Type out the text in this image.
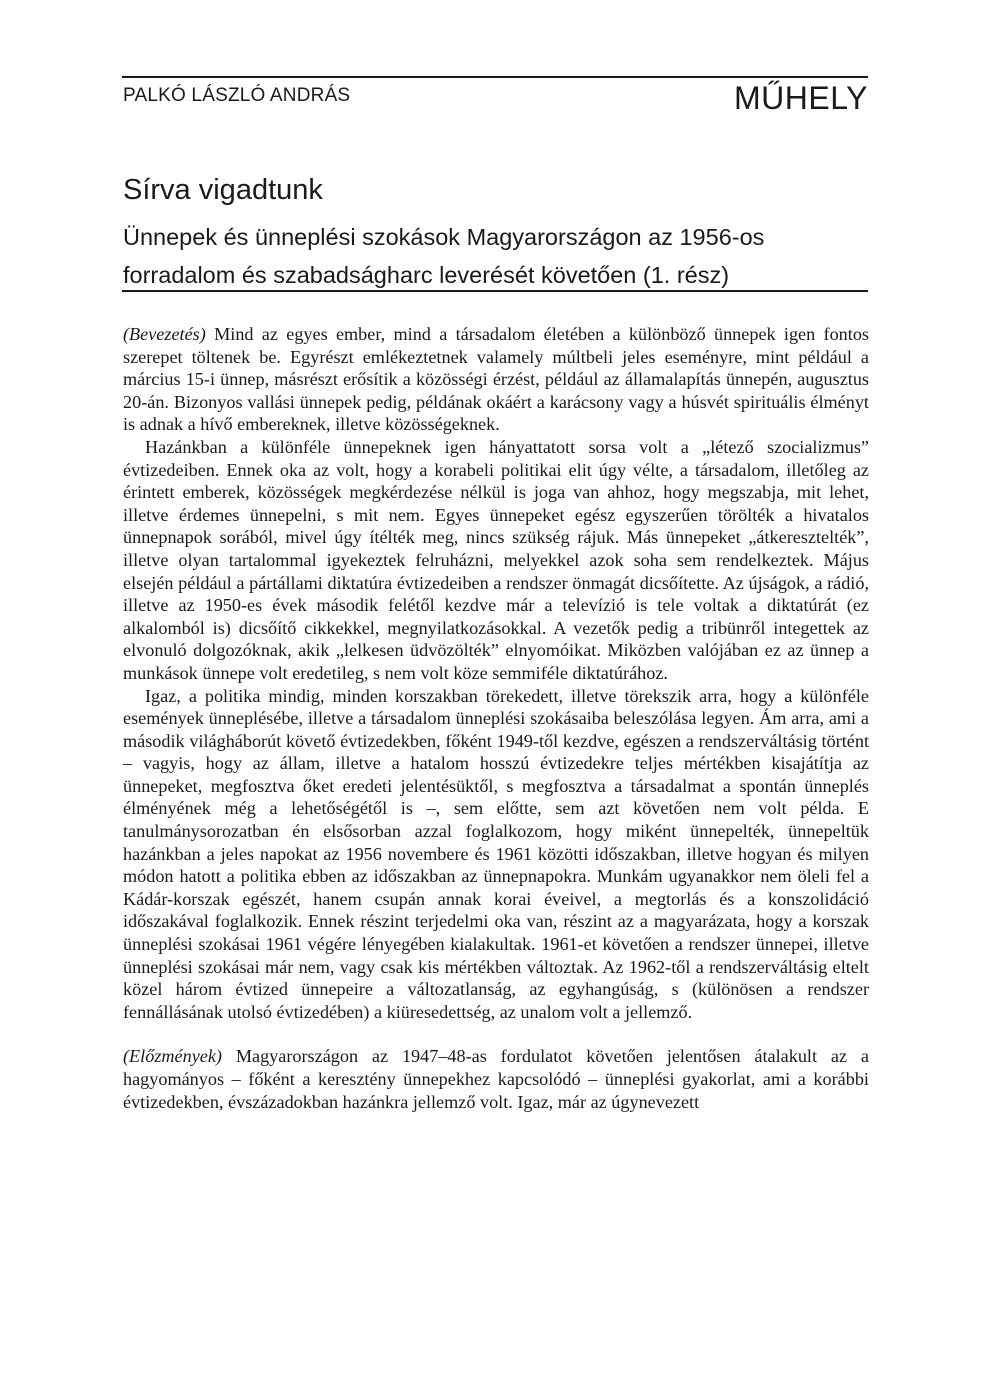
PALKÓ LÁSZLÓ ANDRÁS	MŰHELY
Sírva vigadtunk
Ünnepek és ünneplési szokások Magyarországon az 1956-os forradalom és szabadságharc leverését követően (1. rész)

(Bevezetés) Mind az egyes ember, mind a társadalom életében a különböző ünnepek igen fontos szerepet töltenek be. Egyrészt emlékeztetnek valamely múltbeli jeles eseményre, mint például a március 15-i ünnep, másrészt erősítik a közösségi érzést, például az államalapítás ünnepén, augusztus 20-án. Bizonyos vallási ünnepek pedig, példának okáért a karácsony vagy a húsvét spirituális élményt is adnak a hívő embereknek, illetve közösségeknek.

Hazánkban a különféle ünnepeknek igen hányattatott sorsa volt a „létező szocializmus” évtizedeiben. Ennek oka az volt, hogy a korabeli politikai elit úgy vélte, a társadalom, illetőleg az érintett emberek, közösségek megkérdezése nélkül is joga van ahhoz, hogy megszabja, mit lehet, illetve érdemes ünnepelni, s mit nem. Egyes ünnepeket egész egyszerűen törölték a hivatalos ünnepnapok sorából, mivel úgy ítélték meg, nincs szükség rájuk. Más ünnepeket „átkeresztelték”, illetve olyan tartalommal igyekeztek felruházni, melyekkel azok soha sem rendelkeztek. Május elsején például a pártállami diktatúra évtizedeiben a rendszer önmagát dicsőítette. Az újságok, a rádió, illetve az 1950-es évek második felétől kezdve már a televízió is tele voltak a diktatúrát (ez alkalomból is) dicsőítő cikkekkel, megnyilatkozásokkal. A vezetők pedig a tribünről integettek az elvonuló dolgozóknak, akik „lelkesen üdvözölték” elnyomóikat. Miközben valójában ez az ünnep a munkások ünnepe volt eredetileg, s nem volt köze semmiféle diktatúrához.

Igaz, a politika mindig, minden korszakban törekedett, illetve törekszik arra, hogy a különféle események ünneplésébe, illetve a társadalom ünneplési szokásaiba beleszólása legyen. Ám arra, ami a második világháborút követő évtizedekben, főként 1949-től kezdve, egészen a rendszerváltásig történt – vagyis, hogy az állam, illetve a hatalom hosszú évtizedekre teljes mértékben kisajátítja az ünnepeket, megfosztva őket eredeti jelentésüktől, s megfosztva a társadalmat a spontán ünneplés élményének még a lehetőségétől is –, sem előtte, sem azt követően nem volt példa. E tanulmánysorozatban én elsősorban azzal foglalkozom, hogy miként ünnepelték, ünnepeltük hazánkban a jeles napokat az 1956 novembere és 1961 közötti időszakban, illetve hogyan és milyen módon hatott a politika ebben az időszakban az ünnepnapokra. Munkám ugyanakkor nem öleli fel a Kádár-korszak egészét, hanem csupán annak korai éveivel, a megtorlás és a konszolidáció időszakával foglalkozik. Ennek részint terjedelmi oka van, részint az a magyarázata, hogy a korszak ünneplési szokásai 1961 végére lényegében kialakultak. 1961-et követően a rendszer ünnepei, illetve ünneplési szokásai már nem, vagy csak kis mértékben változtak. Az 1962-től a rendszerváltásig eltelt közel három évtized ünnepeire a változatlanság, az egyhangúság, s (különösen a rendszer fennállásának utolsó évtizedében) a kiüresedettség, az unalom volt a jellemző.

(Előzmények) Magyarországon az 1947–48-as fordulatot követően jelentősen átalakult az a hagyományos – főként a keresztény ünnepekhez kapcsolódó – ünneplési gyakorlat, ami a korábbi évtizedekben, évszázadokban hazánkra jellemző volt. Igaz, már az úgynevezett
